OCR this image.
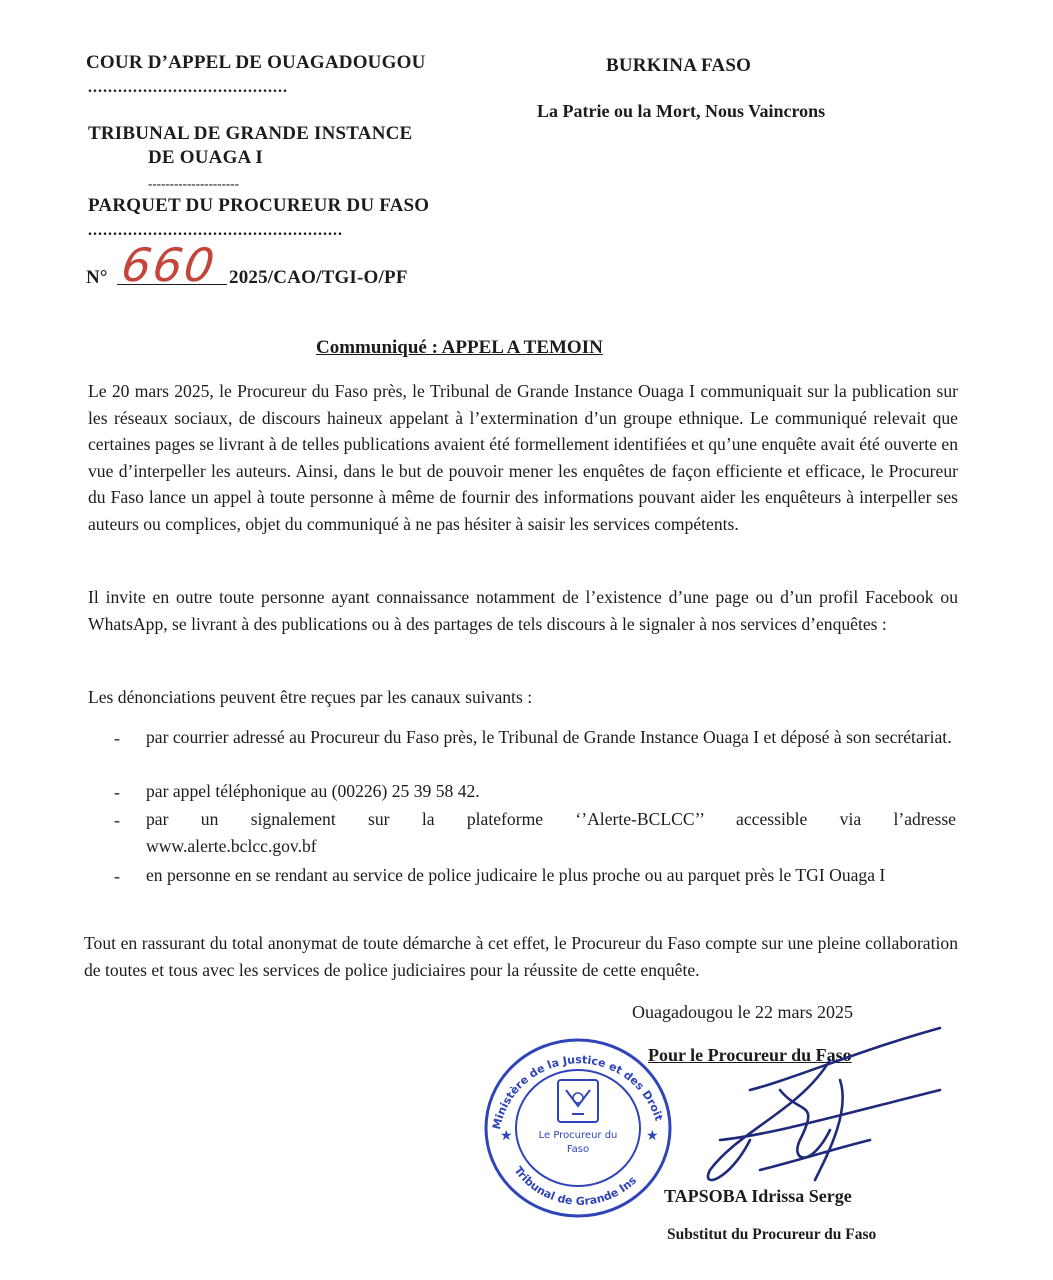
COUR D’APPEL DE OUAGADOUGOU
........................................
TRIBUNAL DE GRANDE INSTANCE
DE OUAGA I
---------------------
PARQUET DU PROCUREUR DU FASO
...................................................
N° 660 2025/CAO/TGI-O/PF
BURKINA FASO
La Patrie ou la Mort, Nous Vaincrons
Communiqué : APPEL A TEMOIN
Le 20 mars 2025, le Procureur du Faso près, le Tribunal de Grande Instance Ouaga I communiquait sur la publication sur les réseaux sociaux, de discours haineux appelant à l’extermination d’un groupe ethnique. Le communiqué relevait que certaines pages se livrant à de telles publications avaient été formellement identifiées et qu’une enquête avait été ouverte en vue d’interpeller les auteurs. Ainsi, dans le but de pouvoir mener les enquêtes de façon efficiente et efficace, le Procureur du Faso lance un appel à toute personne à même de fournir des informations pouvant aider les enquêteurs à interpeller ses auteurs ou complices, objet du communiqué à ne pas hésiter à saisir les services compétents.
Il invite en outre toute personne ayant connaissance notamment de l’existence d’une page ou d’un profil Facebook ou WhatsApp, se livrant à des publications ou à des partages de tels discours à le signaler à nos services d’enquêtes :
Les dénonciations peuvent être reçues par les canaux suivants :
- par courrier adressé au Procureur du Faso près, le Tribunal de Grande Instance Ouaga I et déposé à son secrétariat.
- par appel téléphonique au (00226) 25 39 58 42.
- par un signalement sur la plateforme ‘’Alerte-BCLCC’’ accessible via l’adresse www.alerte.bclcc.gov.bf
- en personne en se rendant au service de police judicaire le plus proche ou au parquet près le TGI Ouaga I
Tout en rassurant du total anonymat de toute démarche à cet effet, le Procureur du Faso compte sur une pleine collaboration de toutes et tous avec les services de police judiciaires pour la réussite de cette enquête.
Ouagadougou le 22 mars 2025
Pour le Procureur du Faso
Ministère de la Justice et des Droit
Tribunal de Grande Ins
★	★
Le Procureur du
Faso
TAPSOBA Idrissa Serge
Substitut du Procureur du Faso
